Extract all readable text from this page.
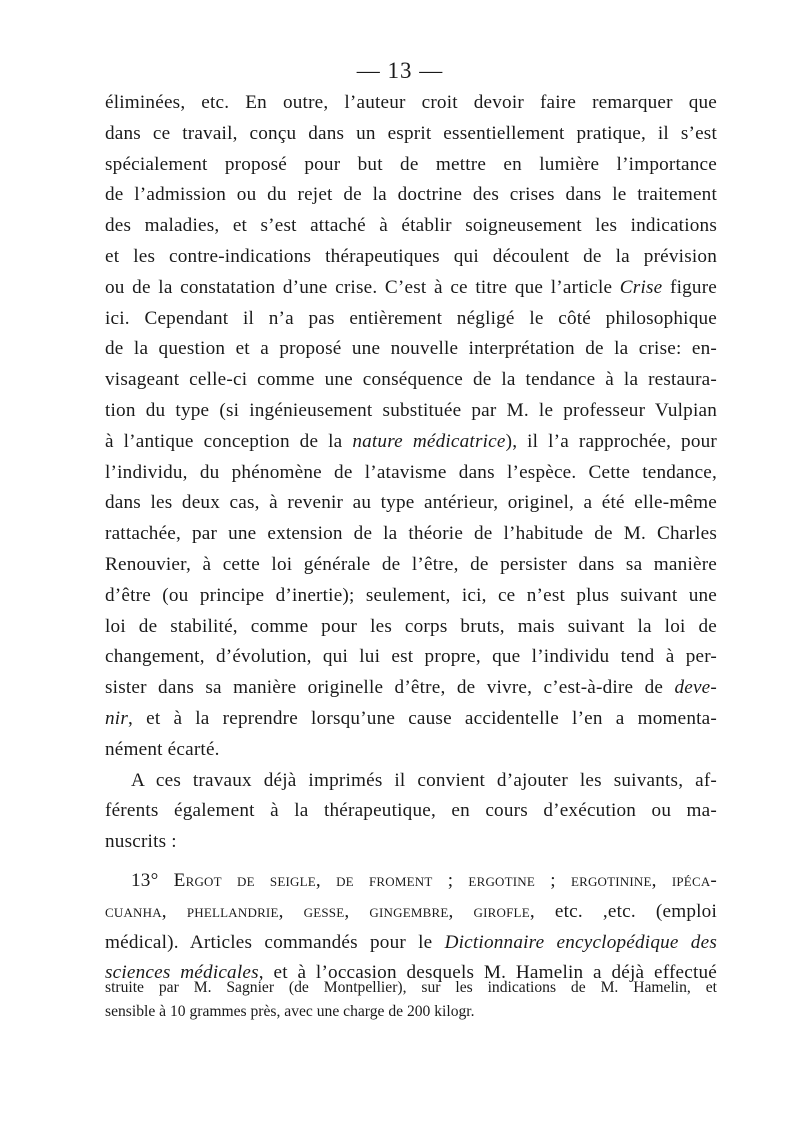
— 13 —
éliminées, etc. En outre, l’auteur croit devoir faire remarquer que
dans ce travail, conçu dans un esprit essentiellement pratique, il s’est
spécialement proposé pour but de mettre en lumière l’importance
de l’admission ou du rejet de la doctrine des crises dans le traitement
des maladies, et s’est attaché à établir soigneusement les indications
et les contre-indications thérapeutiques qui découlent de la prévision
ou de la constatation d’une crise. C’est à ce titre que l’article Crise figure
ici. Cependant il n’a pas entièrement négligé le côté philosophique
de la question et a proposé une nouvelle interprétation de la crise: en-
visageant celle-ci comme une conséquence de la tendance à la restaura-
tion du type (si ingénieusement substituée par M. le professeur Vulpian
à l’antique conception de la nature médicatrice), il l’a rapprochée, pour
l’individu, du phénomène de l’atavisme dans l’espèce. Cette tendance,
dans les deux cas, à revenir au type antérieur, originel, a été elle-même
rattachée, par une extension de la théorie de l’habitude de M. Charles
Renouvier, à cette loi générale de l’être, de persister dans sa manière
d’être (ou principe d’inertie); seulement, ici, ce n’est plus suivant une
loi de stabilité, comme pour les corps bruts, mais suivant la loi de
changement, d’évolution, qui lui est propre, que l’individu tend à per-
sister dans sa manière originelle d’être, de vivre, c’est-à-dire de deve-
nir, et à la reprendre lorsqu’une cause accidentelle l’en a momenta-
nément écarté.
A ces travaux déjà imprimés il convient d’ajouter les suivants, af-
férents également à la thérapeutique, en cours d’exécution ou ma-
nuscrits :
13° Ergot de seigle, de froment ; ergotine ; ergotinine, ipéca-
cuanha, phellandrie, gesse, gingembre, girofle, etc. ,etc. (emploi
médical). Articles commandés pour le Dictionnaire encyclopédique des
sciences médicales, et à l’occasion desquels M. Hamelin a déjà effectué
struite par M. Sagnier (de Montpellier), sur les indications de M. Hamelin, et
sensible à 10 grammes près, avec une charge de 200 kilogr.
